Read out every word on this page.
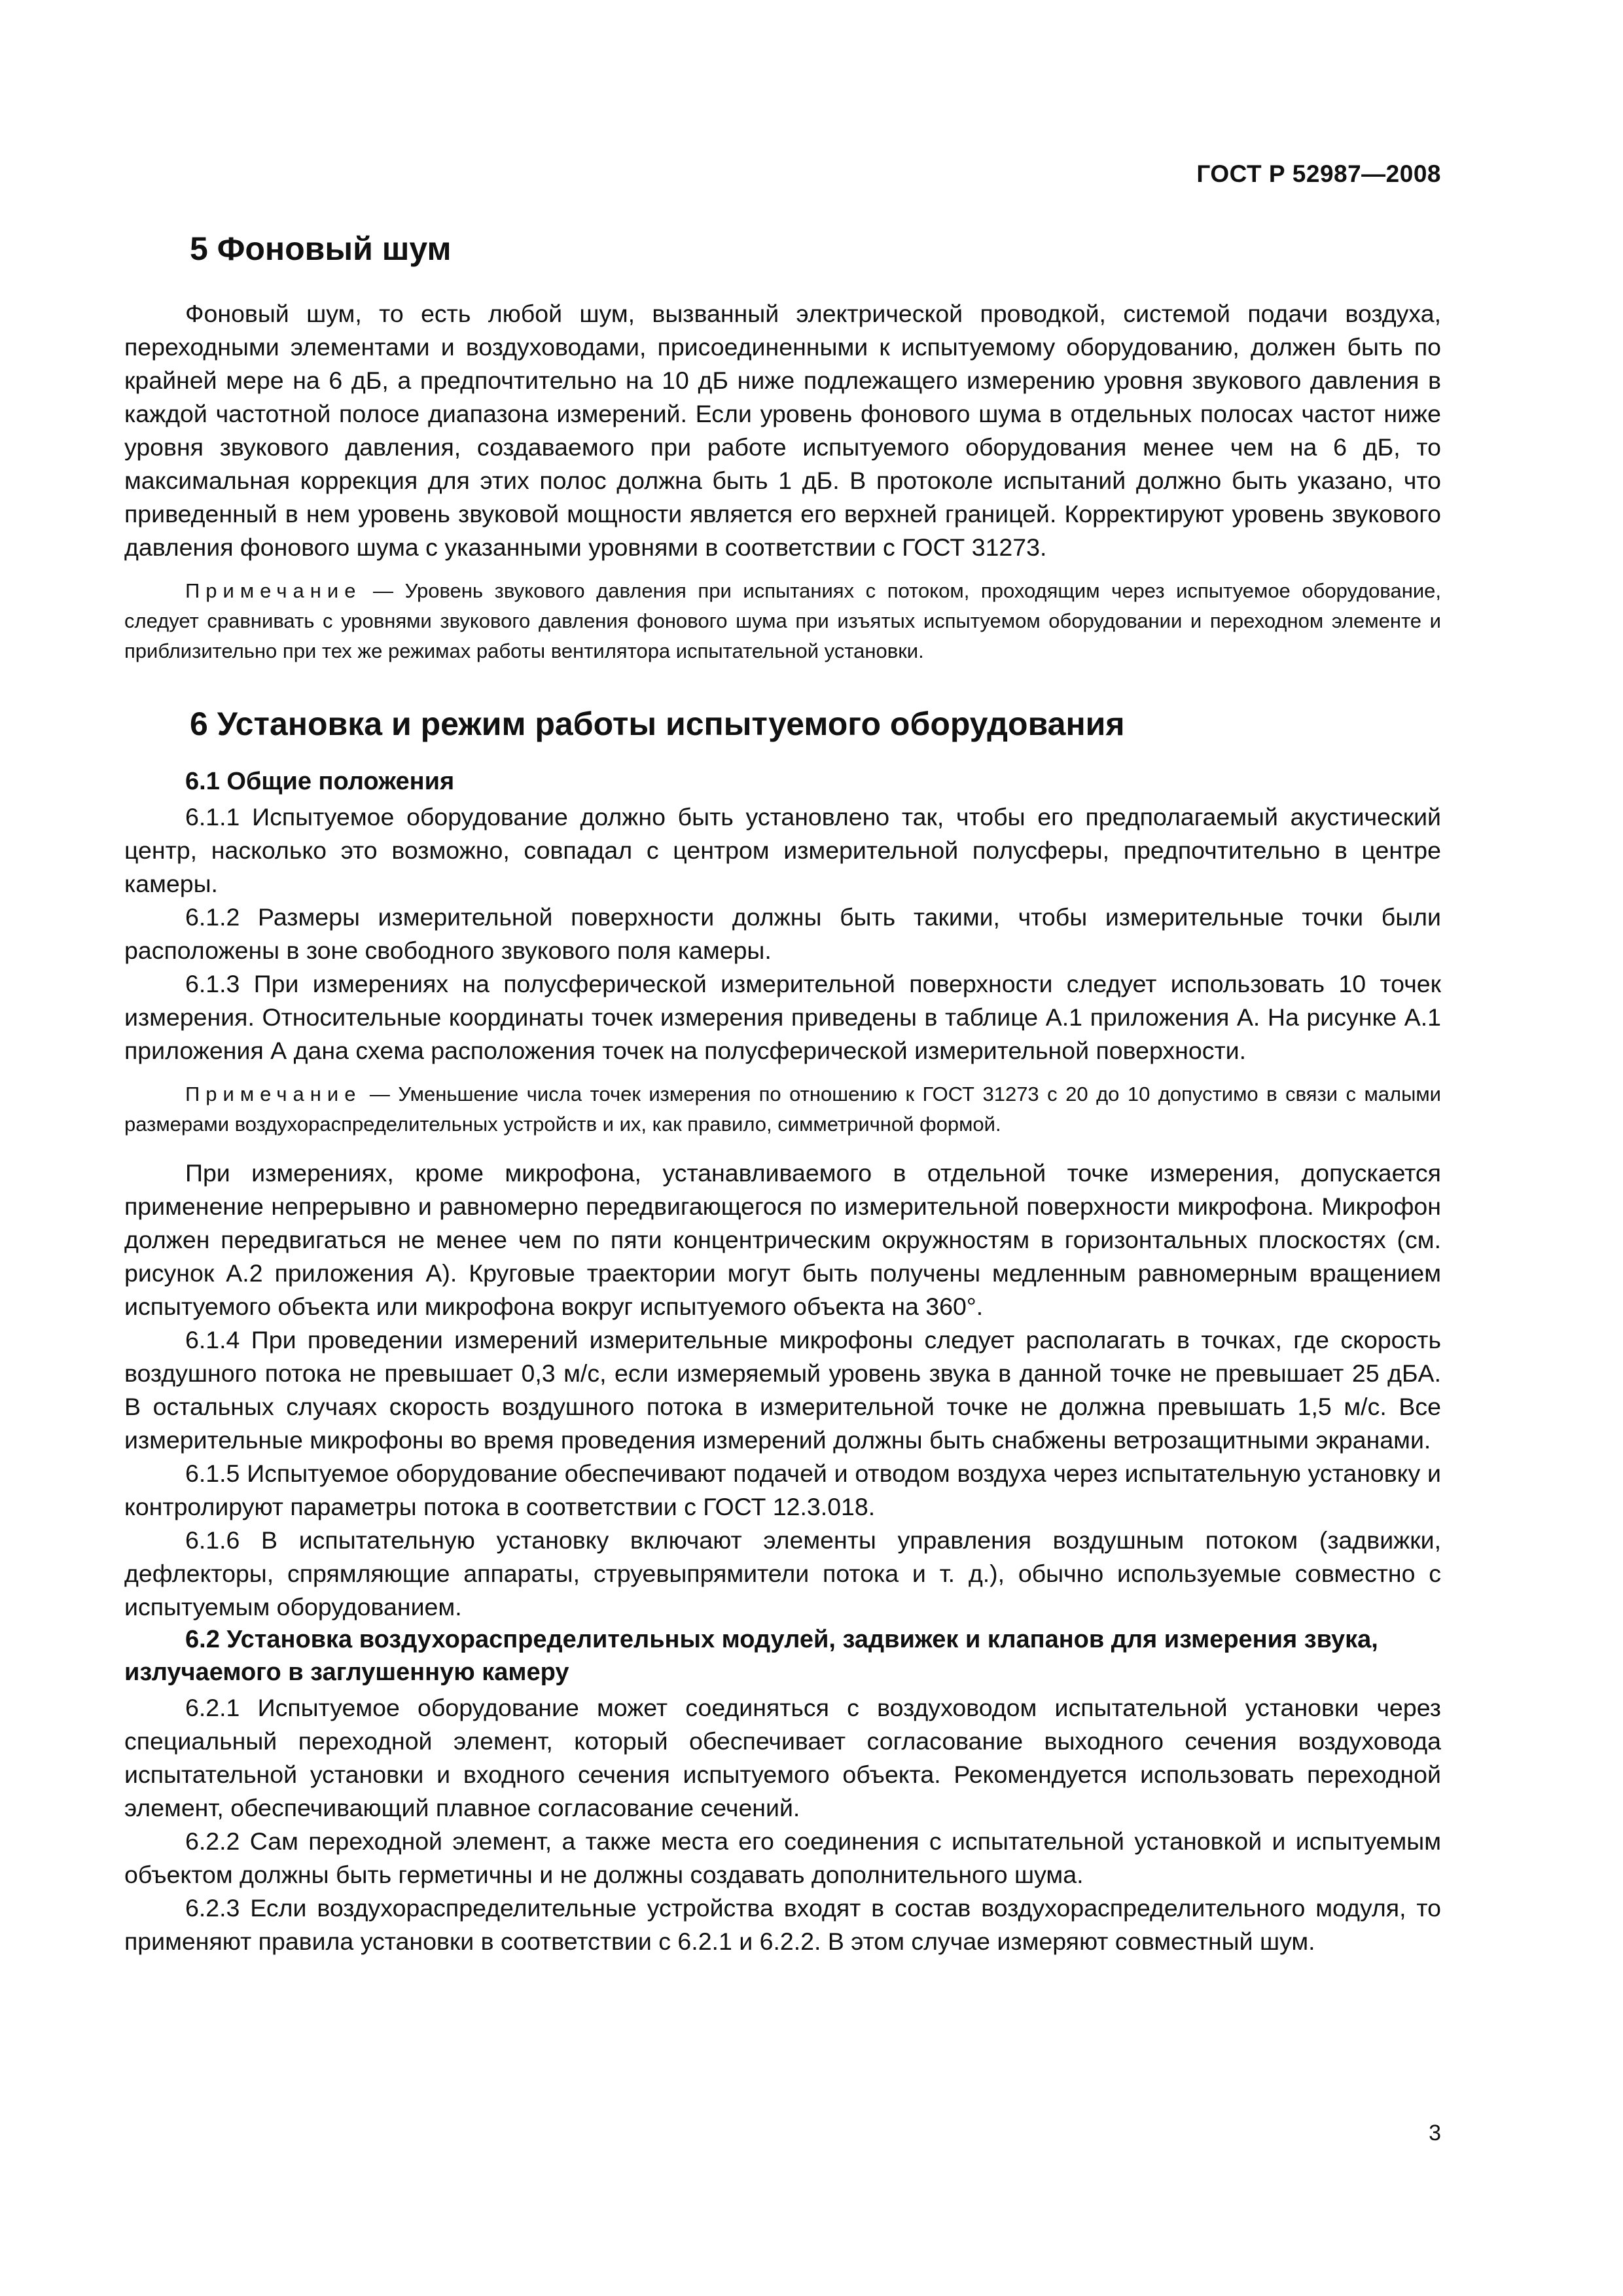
ГОСТ Р 52987—2008
5 Фоновый шум

Фоновый шум, то есть любой шум, вызванный электрической проводкой, системой подачи воздуха, переходными элементами и воздуховодами, присоединенными к испытуемому оборудованию, должен быть по крайней мере на 6 дБ, а предпочтительно на 10 дБ ниже подлежащего измерению уровня звукового давления в каждой частотной полосе диапазона измерений. Если уровень фонового шума в отдельных полосах частот ниже уровня звукового давления, создаваемого при работе испытуемого оборудования менее чем на 6 дБ, то максимальная коррекция для этих полос должна быть 1 дБ. В протоколе испытаний должно быть указано, что приведенный в нем уровень звуковой мощности является его верхней границей. Корректируют уровень звукового давления фонового шума с указанными уровнями в соответствии с ГОСТ 31273.

Примечание — Уровень звукового давления при испытаниях с потоком, проходящим через испытуемое оборудование, следует сравнивать с уровнями звукового давления фонового шума при изъятых испытуемом оборудовании и переходном элементе и приблизительно при тех же режимах работы вентилятора испытательной установки.

6 Установка и режим работы испытуемого оборудования
6.1 Общие положения

6.1.1 Испытуемое оборудование должно быть установлено так, чтобы его предполагаемый акустический центр, насколько это возможно, совпадал с центром измерительной полусферы, предпочтительно в центре камеры.

6.1.2 Размеры измерительной поверхности должны быть такими, чтобы измерительные точки были расположены в зоне свободного звукового поля камеры.

6.1.3 При измерениях на полусферической измерительной поверхности следует использовать 10 точек измерения. Относительные координаты точек измерения приведены в таблице А.1 приложения А. На рисунке А.1 приложения А дана схема расположения точек на полусферической измерительной поверхности.

Примечание — Уменьшение числа точек измерения по отношению к ГОСТ 31273 с 20 до 10 допустимо в связи с малыми размерами воздухораспределительных устройств и их, как правило, симметричной формой.

При измерениях, кроме микрофона, устанавливаемого в отдельной точке измерения, допускается применение непрерывно и равномерно передвигающегося по измерительной поверхности микрофона. Микрофон должен передвигаться не менее чем по пяти концентрическим окружностям в горизонтальных плоскостях (см. рисунок А.2 приложения А). Круговые траектории могут быть получены медленным равномерным вращением испытуемого объекта или микрофона вокруг испытуемого объекта на 360°.

6.1.4 При проведении измерений измерительные микрофоны следует располагать в точках, где скорость воздушного потока не превышает 0,3 м/с, если измеряемый уровень звука в данной точке не превышает 25 дБA. В остальных случаях скорость воздушного потока в измерительной точке не должна превышать 1,5 м/с. Все измерительные микрофоны во время проведения измерений должны быть снабжены ветрозащитными экранами.

6.1.5 Испытуемое оборудование обеспечивают подачей и отводом воздуха через испытательную установку и контролируют параметры потока в соответствии с ГОСТ 12.3.018.

6.1.6 В испытательную установку включают элементы управления воздушным потоком (задвижки, дефлекторы, спрямляющие аппараты, струевыпрямители потока и т. д.), обычно используемые совместно с испытуемым оборудованием.

6.2 Установка воздухораспределительных модулей, задвижек и клапанов для измерения звука, излучаемого в заглушенную камеру

6.2.1 Испытуемое оборудование может соединяться с воздуховодом испытательной установки через специальный переходной элемент, который обеспечивает согласование выходного сечения воздуховода испытательной установки и входного сечения испытуемого объекта. Рекомендуется использовать переходной элемент, обеспечивающий плавное согласование сечений.

6.2.2 Сам переходной элемент, а также места его соединения с испытательной установкой и испытуемым объектом должны быть герметичны и не должны создавать дополнительного шума.

6.2.3 Если воздухораспределительные устройства входят в состав воздухораспределительного модуля, то применяют правила установки в соответствии с 6.2.1 и 6.2.2. В этом случае измеряют совместный шум.

3
